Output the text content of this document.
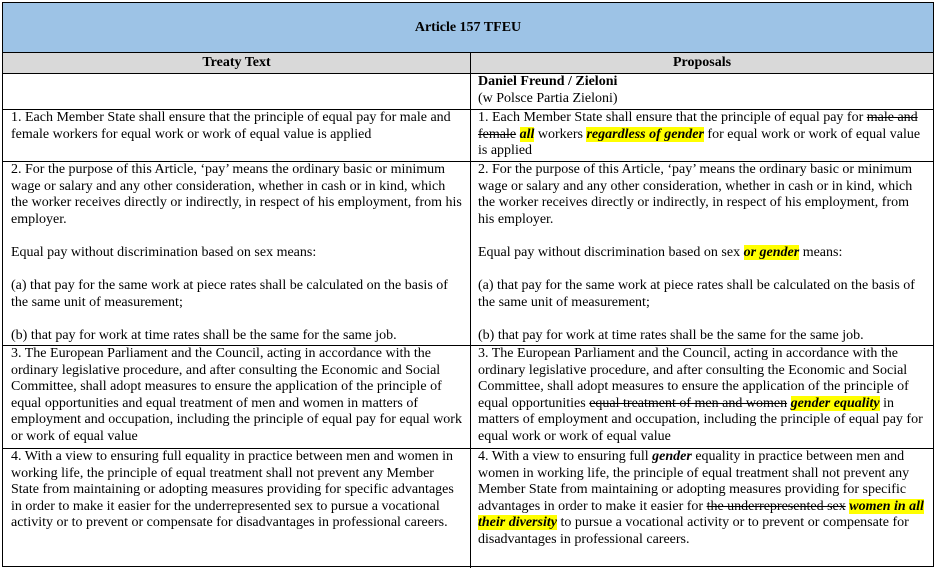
Article 157 TFEU
Treaty Text	Proposals

Daniel Freund / Zieloni

(w Polsce Partia Zieloni)

1. Each Member State shall ensure that the principle of equal pay for male and female workers for equal work or work of equal value is applied

1. Each Member State shall ensure that the principle of equal pay for male and female all workers regardless of gender for equal work or work of equal value is applied

2. For the purpose of this Article, ‘pay’ means the ordinary basic or minimum wage or salary and any other consideration, whether in cash or in kind, which the worker receives directly or indirectly, in respect of his employment, from his employer.

Equal pay without discrimination based on sex means:

(a) that pay for the same work at piece rates shall be calculated on the basis of the same unit of measurement;

(b) that pay for work at time rates shall be the same for the same job.

2. For the purpose of this Article, ‘pay’ means the ordinary basic or minimum wage or salary and any other consideration, whether in cash or in kind, which the worker receives directly or indirectly, in respect of his employment, from his employer.

Equal pay without discrimination based on sex or gender means:

(a) that pay for the same work at piece rates shall be calculated on the basis of the same unit of measurement;

(b) that pay for work at time rates shall be the same for the same job.

3. The European Parliament and the Council, acting in accordance with the ordinary legislative procedure, and after consulting the Economic and Social Committee, shall adopt measures to ensure the application of the principle of equal opportunities and equal treatment of men and women in matters of employment and occupation, including the principle of equal pay for equal work or work of equal value

3. The European Parliament and the Council, acting in accordance with the ordinary legislative procedure, and after consulting the Economic and Social Committee, shall adopt measures to ensure the application of the principle of equal opportunities equal treatment of men and women gender equality in matters of employment and occupation, including the principle of equal pay for equal work or work of equal value

4. With a view to ensuring full equality in practice between men and women in working life, the principle of equal treatment shall not prevent any Member State from maintaining or adopting measures providing for specific advantages in order to make it easier for the underrepresented sex to pursue a vocational activity or to prevent or compensate for disadvantages in professional careers.

4. With a view to ensuring full gender equality in practice between men and women in working life, the principle of equal treatment shall not prevent any Member State from maintaining or adopting measures providing for specific advantages in order to make it easier for the underrepresented sex women in all their diversity to pursue a vocational activity or to prevent or compensate for disadvantages in professional careers.
